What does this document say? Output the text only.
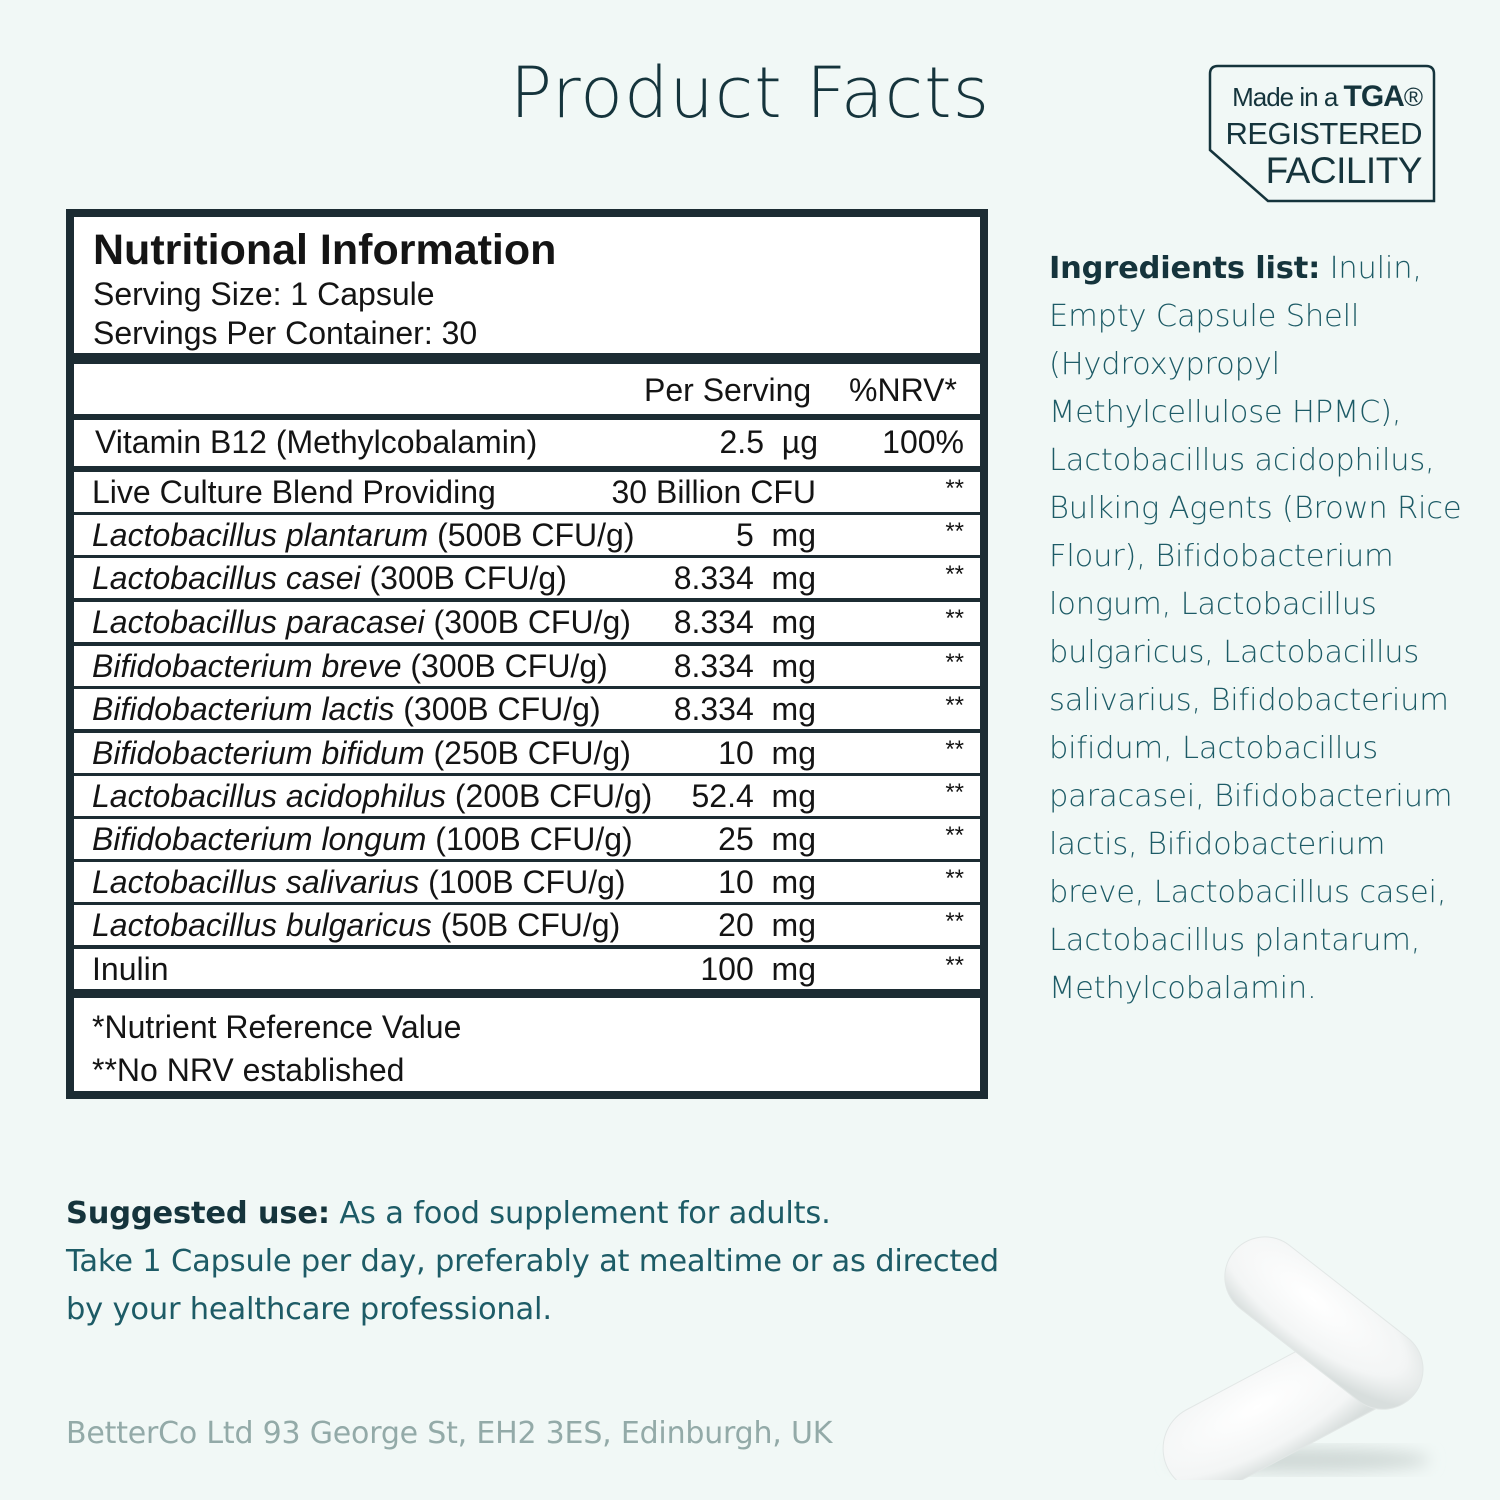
Product Facts	Made in a TGA®
REGISTERED
FACILITY
Nutritional Information
Serving Size: 1 Capsule
Servings Per Container: 30
Per Serving %NRV*
Vitamin B12 (Methylcobalamin)	2.5  µg 100%
Live Culture Blend Providing	30 Billion CFU	**
Lactobacillus plantarum (500B CFU/g)	5  mg	**
Lactobacillus casei (300B CFU/g)	8.334  mg	**
Lactobacillus paracasei (300B CFU/g) 8.334  mg	**
Bifidobacterium breve (300B CFU/g) 8.334  mg	**
Bifidobacterium lactis (300B CFU/g) 8.334  mg	**
Bifidobacterium bifidum (250B CFU/g)	10  mg	**
Lactobacillus acidophilus (200B CFU/g) 52.4  mg	**
Bifidobacterium longum (100B CFU/g)	25  mg	**
Lactobacillus salivarius (100B CFU/g)	10  mg	**
Lactobacillus bulgaricus (50B CFU/g)	20  mg	**
Inulin	100  mg	**
*Nutrient Reference Value
**No NRV established
Ingredients list: Inulin, Empty Capsule Shell (Hydroxypropyl Methylcellulose HPMC), Lactobacillus acidophilus, Bulking Agents (Brown Rice Flour), Bifidobacterium longum, Lactobacillus bulgaricus, Lactobacillus salivarius, Bifidobacterium bifidum, Lactobacillus paracasei, Bifidobacterium lactis, Bifidobacterium breve, Lactobacillus casei, Lactobacillus plantarum, Methylcobalamin.
Suggested use: As a food supplement for adults.
Take 1 Capsule per day, preferably at mealtime or as directed by your healthcare professional.
BetterCo Ltd 93 George St, EH2 3ES, Edinburgh, UK
